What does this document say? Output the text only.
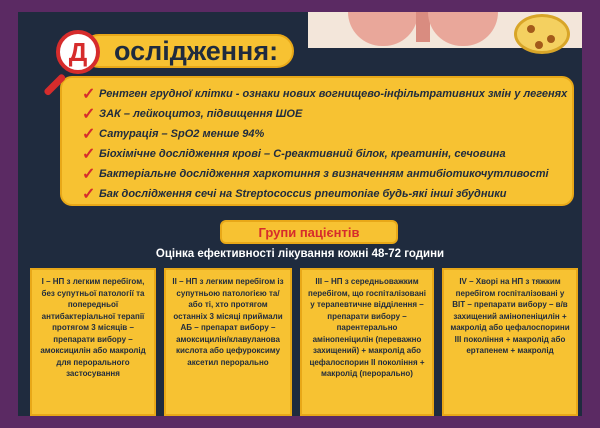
Д ослідження:
✓ Рентген грудної клітки - ознаки нових вогнищево-інфільтративних змін у легенях
✓ ЗАК – лейкоцитоз, підвищення ШОЕ
✓ Сатурація – SpO2 менше 94%
✓ Біохімічне дослідження крові – С-реактивний білок, креатинін, сечовина
✓ Бактеріальне дослідження харкотиння з визначенням антибіотикочутливості
✓ Бак дослідження сечі на Streptococcus pneumoniae будь-які інші збудники
Групи пацієнтів
Оцінка ефективності лікування кожні 48-72 години
І – НП з легким перебігом, без супутньої патології та попередньої антибактеріальної терапії протягом 3 місяців – препарати вибору – амоксицилін або макролід для перорального застосування
ІІ – НП з легким перебігом із супутньою патологією та/або ті, хто протягом останніх 3 місяці приймали АБ – препарат вибору – амоксицилін/клавуланова кислота або цефуроксиму аксетил перорально
ІІІ – НП з середньоважким перебігом, що госпіталізовані у терапевтичне відділення – препарати вибору – парентерально амінопеніцилін (переважно захищений) + макролід або цефалоспорин ІІ покоління + макролід (перорально)
IV – Хворі на НП з тяжким перебігом госпіталізовані у ВІТ – препарати вибору – в/в захищений амінопеніцилін + макролід або цефалоспорини ІІІ покоління + макролід або ертапенем + макролід
